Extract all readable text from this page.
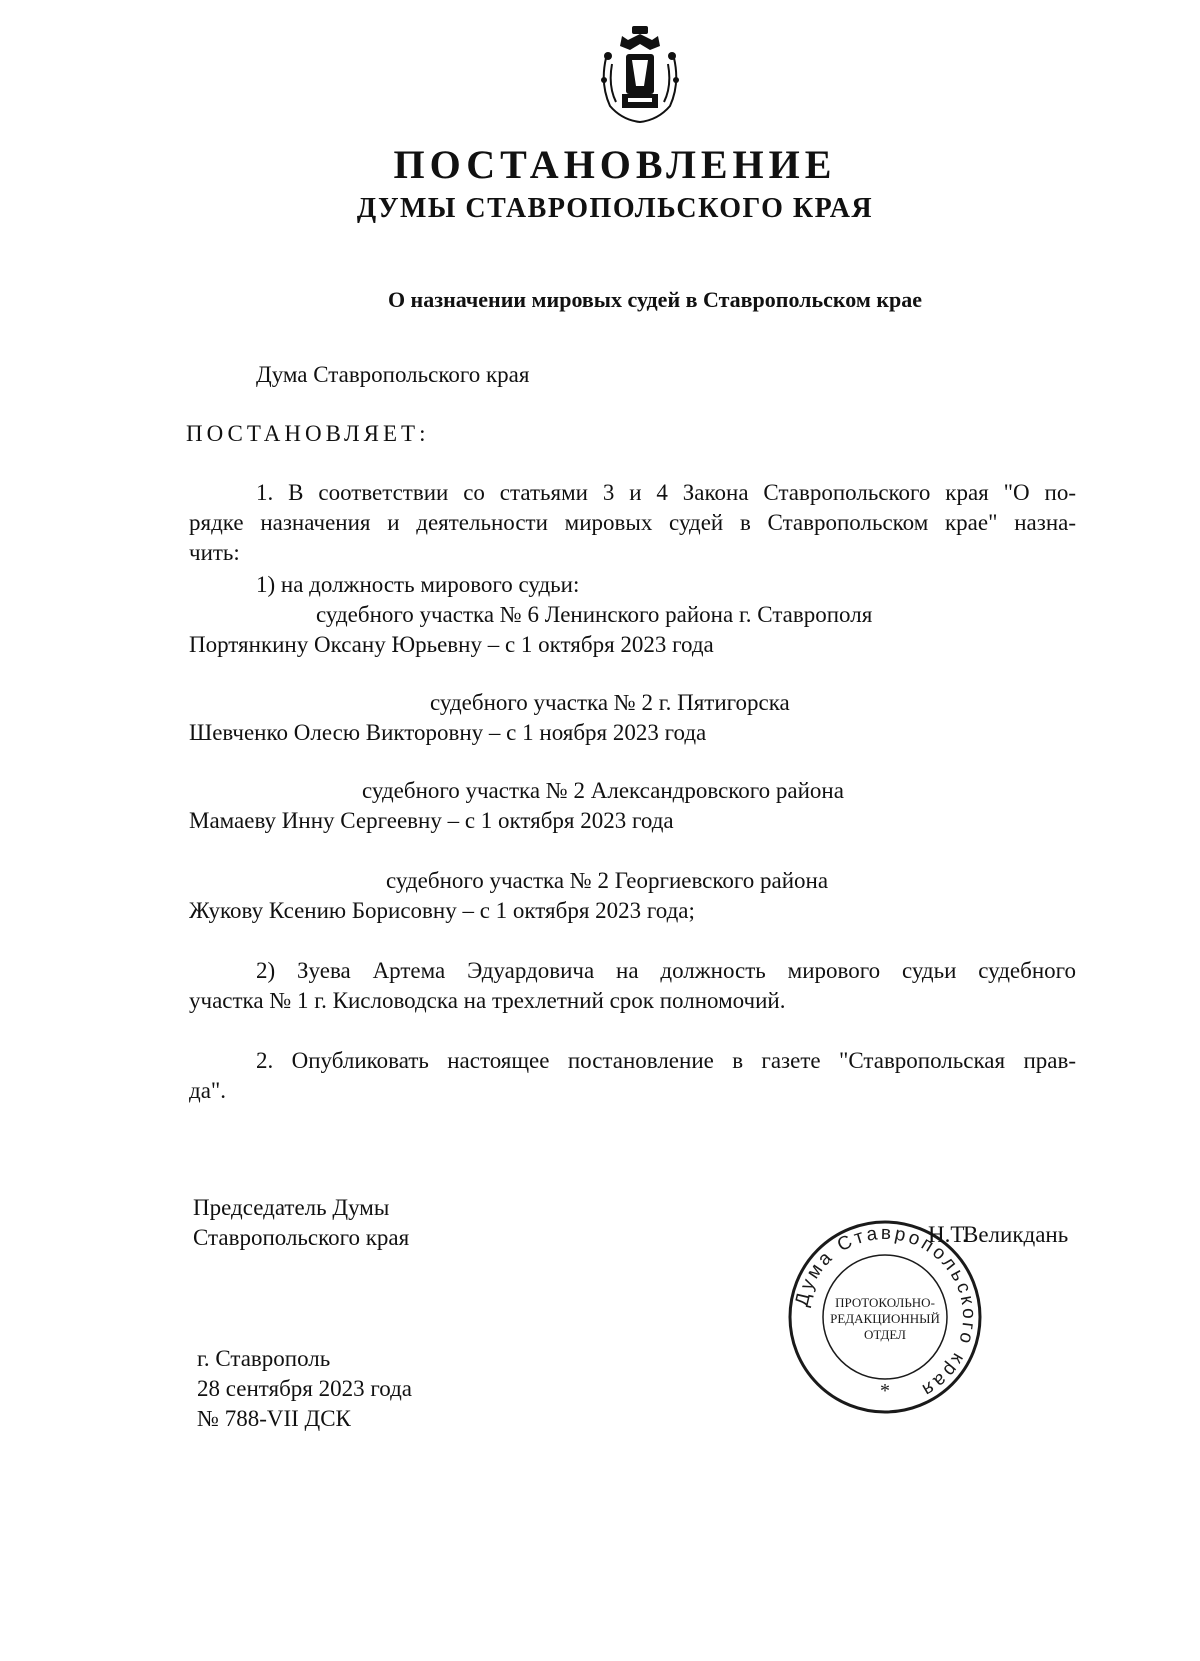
ПОСТАНОВЛЕНИЕ
ДУМЫ СТАВРОПОЛЬСКОГО КРАЯ
О назначении мировых судей в Ставропольском крае
Дума Ставропольского края
ПОСТАНОВЛЯЕТ:
1. В соответствии со статьями 3 и 4 Закона Ставропольского края "О по-
рядке назначения и деятельности мировых судей в Ставропольском крае" назна-
чить:
1) на должность мирового судьи:
судебного участка № 6 Ленинского района г. Ставрополя
Портянкину Оксану Юрьевну – с 1 октября 2023 года
судебного участка № 2 г. Пятигорска
Шевченко Олесю Викторовну – с 1 ноября 2023 года
судебного участка № 2 Александровского района
Мамаеву Инну Сергеевну – с 1 октября 2023 года
судебного участка № 2 Георгиевского района
Жукову Ксению Борисовну – с 1 октября 2023 года;
2) Зуева Артема Эдуардовича на должность мирового судьи судебного
участка № 1 г. Кисловодска на трехлетний срок полномочий.
2. Опубликовать настоящее постановление в газете "Ставропольская прав-
да".
Председатель Думы
Ставропольского края
Дума Ставропольского края
ПРОТОКОЛЬНО-
РЕДАКЦИОННЫЙ
ОТДЕЛ
*
Н.Т.
Великдань
г. Ставрополь
28 сентября 2023 года
№ 788-VII ДСК
